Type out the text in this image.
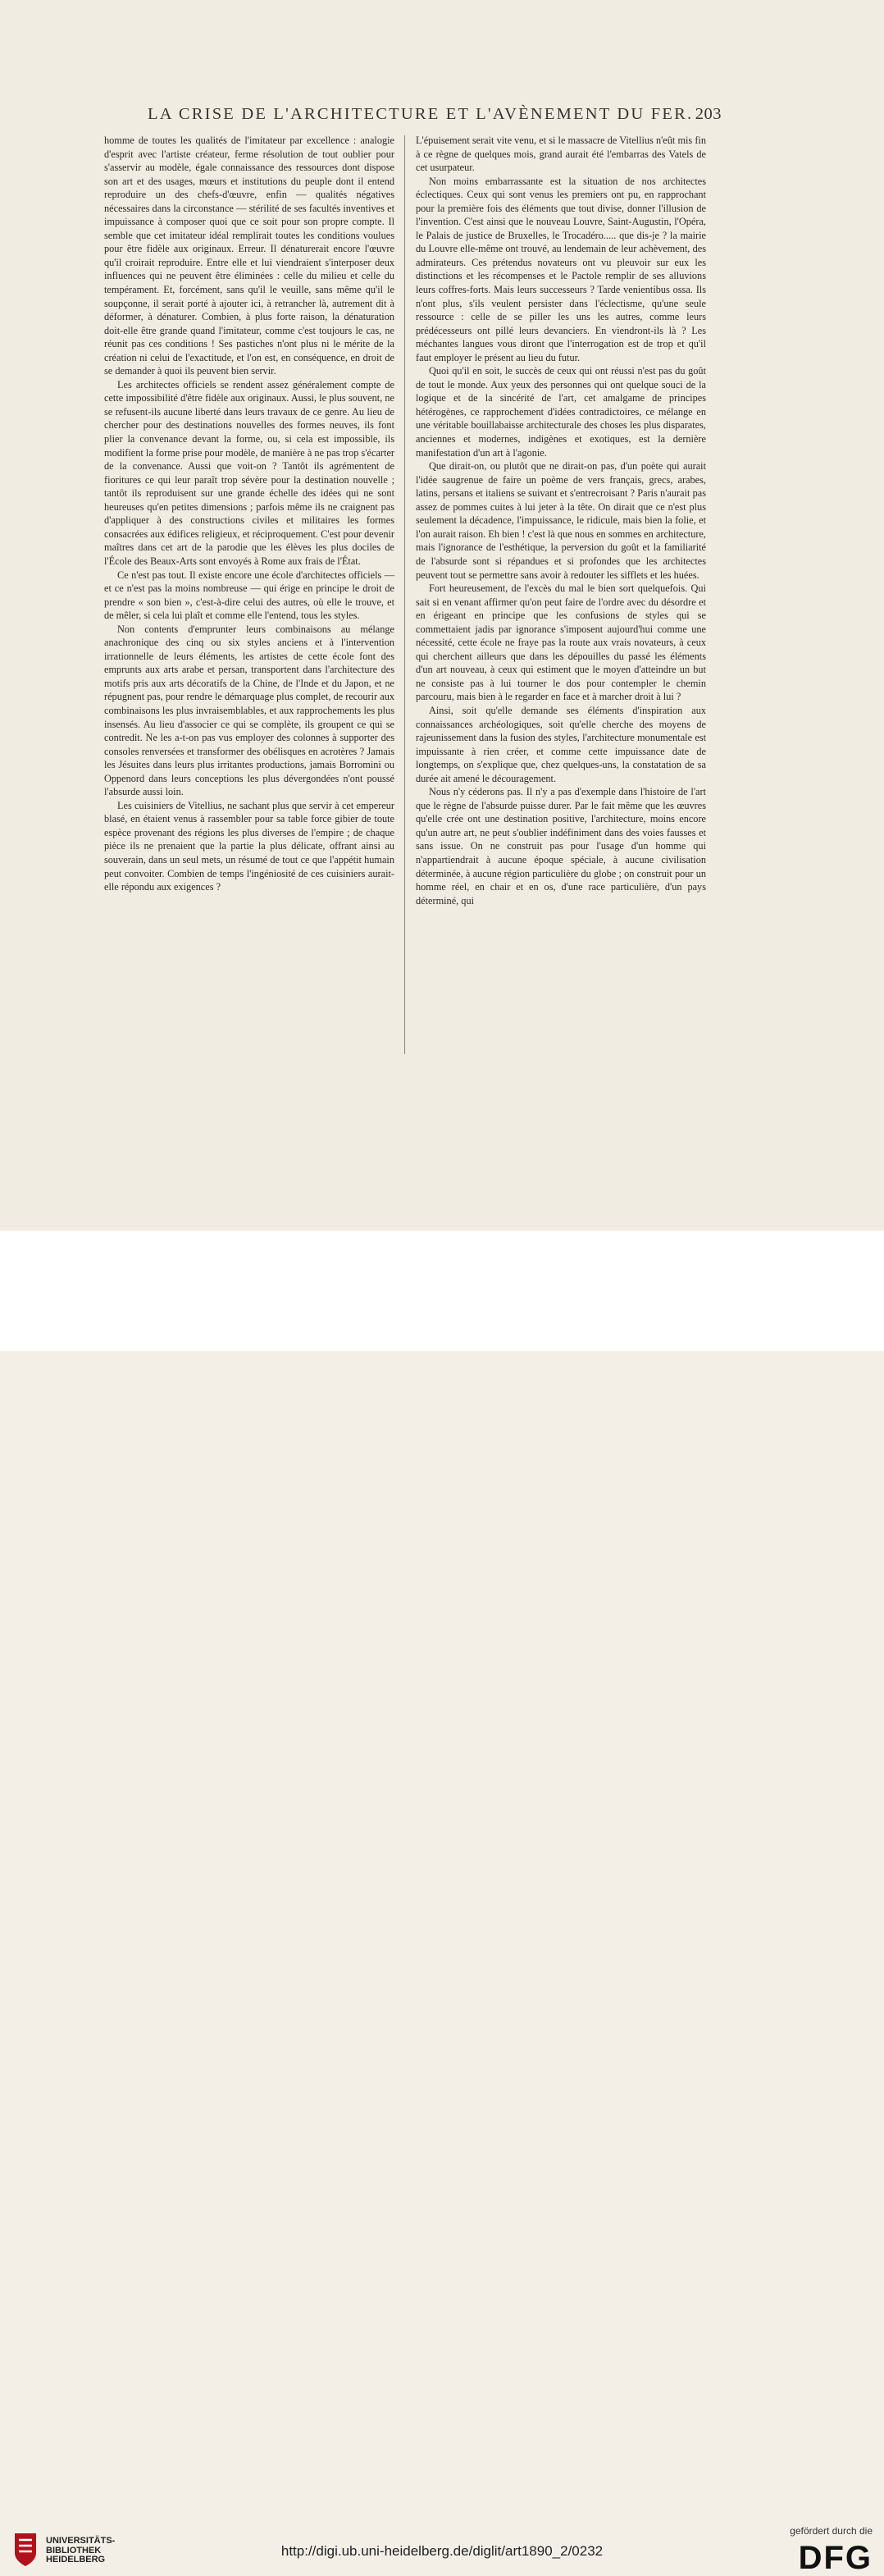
LA CRISE DE L'ARCHITECTURE ET L'AVÈNEMENT DU FER. 203

homme de toutes les qualités de l'imitateur par excellence : analogie d'esprit avec l'artiste créateur, ferme résolution de tout oublier pour s'asservir au modèle, égale connaissance des ressources dont dispose son art et des usages, mœurs et institutions du peuple dont il entend reproduire un des chefs-d'œuvre, enfin — qualités négatives nécessaires dans la circonstance — stérilité de ses facultés inventives et impuissance à composer quoi que ce soit pour son propre compte. Il semble que cet imitateur idéal remplirait toutes les conditions voulues pour être fidèle aux originaux. Erreur. Il dénaturerait encore l'œuvre qu'il croirait reproduire. Entre elle et lui viendraient s'interposer deux influences qui ne peuvent être éliminées : celle du milieu et celle du tempérament. Et, forcément, sans qu'il le veuille, sans même qu'il le soupçonne, il serait porté à ajouter ici, à retrancher là, autrement dit à déformer, à dénaturer. Combien, à plus forte raison, la dénaturation doit-elle être grande quand l'imitateur, comme c'est toujours le cas, ne réunit pas ces conditions ! Ses pastiches n'ont plus ni le mérite de la création ni celui de l'exactitude, et l'on est, en conséquence, en droit de se demander à quoi ils peuvent bien servir.

Les architectes officiels se rendent assez généralement compte de cette impossibilité d'être fidèle aux originaux. Aussi, le plus souvent, ne se refusent-ils aucune liberté dans leurs travaux de ce genre. Au lieu de chercher pour des destinations nouvelles des formes neuves, ils font plier la convenance devant la forme, ou, si cela est impossible, ils modifient la forme prise pour modèle, de manière à ne pas trop s'écarter de la convenance. Aussi que voit-on ? Tantôt ils agrémentent de fioritures ce qui leur paraît trop sévère pour la destination nouvelle ; tantôt ils reproduisent sur une grande échelle des idées qui ne sont heureuses qu'en petites dimensions ; parfois même ils ne craignent pas d'appliquer à des constructions civiles et militaires les formes consacrées aux édifices religieux, et réciproquement. C'est pour devenir maîtres dans cet art de la parodie que les élèves les plus dociles de l'École des Beaux-Arts sont envoyés à Rome aux frais de l'État.

Ce n'est pas tout. Il existe encore une école d'architectes officiels — et ce n'est pas la moins nombreuse — qui érige en principe le droit de prendre « son bien », c'est-à-dire celui des autres, où elle le trouve, et de mêler, si cela lui plaît et comme elle l'entend, tous les styles.

Non contents d'emprunter leurs combinaisons au mélange anachronique des cinq ou six styles anciens et à l'intervention irrationnelle de leurs éléments, les artistes de cette école font des emprunts aux arts arabe et persan, transportent dans l'architecture des motifs pris aux arts décoratifs de la Chine, de l'Inde et du Japon, et ne répugnent pas, pour rendre le démarquage plus complet, de recourir aux combinaisons les plus invraisemblables, et aux rapprochements les plus insensés. Au lieu d'associer ce qui se complète, ils groupent ce qui se contredit. Ne les a-t-on pas vus employer des colonnes à supporter des consoles renversées et transformer des obélisques en acrotères ? Jamais les Jésuites dans leurs plus irritantes productions, jamais Borromini ou Oppenord dans leurs conceptions les plus dévergondées n'ont poussé l'absurde aussi loin.

Les cuisiniers de Vitellius, ne sachant plus que servir à cet empereur blasé, en étaient venus à rassembler pour sa table force gibier de toute espèce provenant des régions les plus diverses de l'empire ; de chaque pièce ils ne prenaient que la partie la plus délicate, offrant ainsi au souverain, dans un seul mets, un résumé de tout ce que l'appétit humain peut convoiter. Combien de temps l'ingéniosité de ces cuisiniers aurait-elle répondu aux exigences ?

L'épuisement serait vite venu, et si le massacre de Vitellius n'eût mis fin à ce règne de quelques mois, grand aurait été l'embarras des Vatels de cet usurpateur.

Non moins embarrassante est la situation de nos architectes éclectiques. Ceux qui sont venus les premiers ont pu, en rapprochant pour la première fois des éléments que tout divise, donner l'illusion de l'invention. C'est ainsi que le nouveau Louvre, Saint-Augustin, l'Opéra, le Palais de justice de Bruxelles, le Trocadéro..... que dis-je ? la mairie du Louvre elle-même ont trouvé, au lendemain de leur achèvement, des admirateurs. Ces prétendus novateurs ont vu pleuvoir sur eux les distinctions et les récompenses et le Pactole remplir de ses alluvions leurs coffres-forts. Mais leurs successeurs ? Tarde venientibus ossa. Ils n'ont plus, s'ils veulent persister dans l'éclectisme, qu'une seule ressource : celle de se piller les uns les autres, comme leurs prédécesseurs ont pillé leurs devanciers. En viendront-ils là ? Les méchantes langues vous diront que l'interrogation est de trop et qu'il faut employer le présent au lieu du futur.

Quoi qu'il en soit, le succès de ceux qui ont réussi n'est pas du goût de tout le monde. Aux yeux des personnes qui ont quelque souci de la logique et de la sincérité de l'art, cet amalgame de principes hétérogènes, ce rapprochement d'idées contradictoires, ce mélange en une véritable bouillabaisse architecturale des choses les plus disparates, anciennes et modernes, indigènes et exotiques, est la dernière manifestation d'un art à l'agonie.

Que dirait-on, ou plutôt que ne dirait-on pas, d'un poète qui aurait l'idée saugrenue de faire un poème de vers français, grecs, arabes, latins, persans et italiens se suivant et s'entrecroisant ? Paris n'aurait pas assez de pommes cuites à lui jeter à la tête. On dirait que ce n'est plus seulement la décadence, l'impuissance, le ridicule, mais bien la folie, et l'on aurait raison. Eh bien ! c'est là que nous en sommes en architecture, mais l'ignorance de l'esthétique, la perversion du goût et la familiarité de l'absurde sont si répandues et si profondes que les architectes peuvent tout se permettre sans avoir à redouter les sifflets et les huées.

Fort heureusement, de l'excès du mal le bien sort quelquefois. Qui sait si en venant affirmer qu'on peut faire de l'ordre avec du désordre et en érigeant en principe que les confusions de styles qui se commettaient jadis par ignorance s'imposent aujourd'hui comme une nécessité, cette école ne fraye pas la route aux vrais novateurs, à ceux qui cherchent ailleurs que dans les dépouilles du passé les éléments d'un art nouveau, à ceux qui estiment que le moyen d'atteindre un but ne consiste pas à lui tourner le dos pour contempler le chemin parcouru, mais bien à le regarder en face et à marcher droit à lui ?

Ainsi, soit qu'elle demande ses éléments d'inspiration aux connaissances archéologiques, soit qu'elle cherche des moyens de rajeunissement dans la fusion des styles, l'architecture monumentale est impuissante à rien créer, et comme cette impuissance date de longtemps, on s'explique que, chez quelques-uns, la constatation de sa durée ait amené le découragement.

Nous n'y céderons pas. Il n'y a pas d'exemple dans l'histoire de l'art que le règne de l'absurde puisse durer. Par le fait même que les œuvres qu'elle crée ont une destination positive, l'architecture, moins encore qu'un autre art, ne peut s'oublier indéfiniment dans des voies fausses et sans issue. On ne construit pas pour l'usage d'un homme qui n'appartiendrait à aucune époque spéciale, à aucune civilisation déterminée, à aucune région particulière du globe ; on construit pour un homme réel, en chair et en os, d'une race particulière, d'un pays déterminé, qui

UNIVERSITÄTS-
BIBLIOTHEK
HEIDELBERG
http://digi.ub.uni-heidelberg.de/diglit/art1890_2/0232
gefördert durch die
DFG
